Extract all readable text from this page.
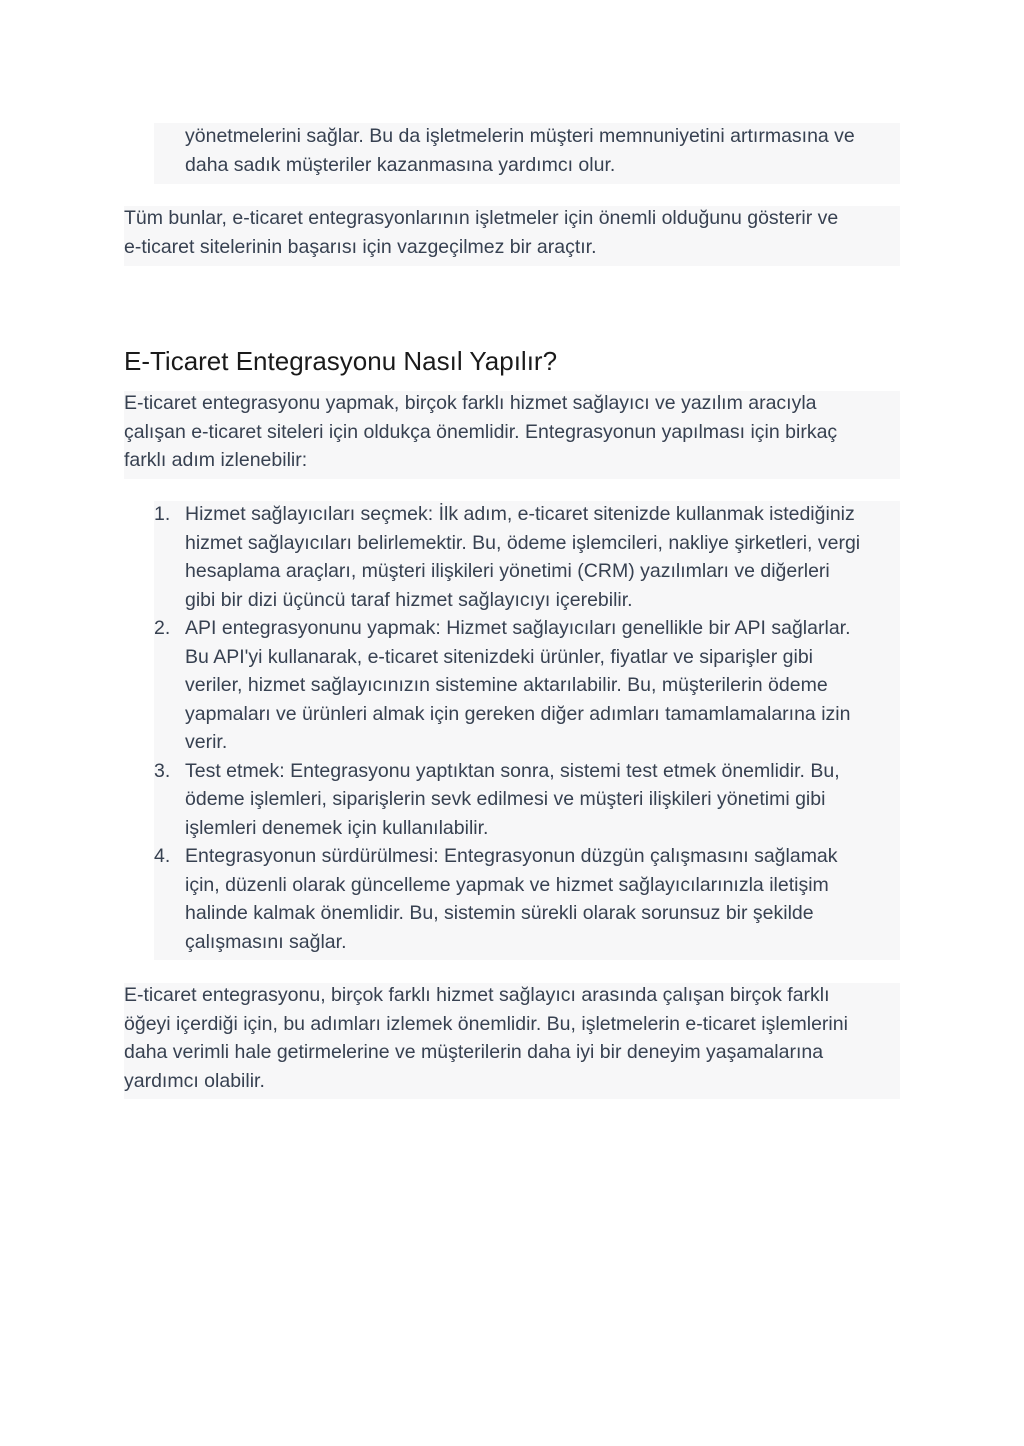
yönetmelerini sağlar. Bu da işletmelerin müşteri memnuniyetini artırmasına ve
daha sadık müşteriler kazanmasına yardımcı olur.
Tüm bunlar, e-ticaret entegrasyonlarının işletmeler için önemli olduğunu gösterir ve
e-ticaret sitelerinin başarısı için vazgeçilmez bir araçtır.
E-Ticaret Entegrasyonu Nasıl Yapılır?
E-ticaret entegrasyonu yapmak, birçok farklı hizmet sağlayıcı ve yazılım aracıyla
çalışan e-ticaret siteleri için oldukça önemlidir. Entegrasyonun yapılması için birkaç
farklı adım izlenebilir:
1. Hizmet sağlayıcıları seçmek: İlk adım, e-ticaret sitenizde kullanmak istediğiniz
hizmet sağlayıcıları belirlemektir. Bu, ödeme işlemcileri, nakliye şirketleri, vergi
hesaplama araçları, müşteri ilişkileri yönetimi (CRM) yazılımları ve diğerleri
gibi bir dizi üçüncü taraf hizmet sağlayıcıyı içerebilir.
2. API entegrasyonunu yapmak: Hizmet sağlayıcıları genellikle bir API sağlarlar.
Bu API'yi kullanarak, e-ticaret sitenizdeki ürünler, fiyatlar ve siparişler gibi
veriler, hizmet sağlayıcınızın sistemine aktarılabilir. Bu, müşterilerin ödeme
yapmaları ve ürünleri almak için gereken diğer adımları tamamlamalarına izin
verir.
3. Test etmek: Entegrasyonu yaptıktan sonra, sistemi test etmek önemlidir. Bu,
ödeme işlemleri, siparişlerin sevk edilmesi ve müşteri ilişkileri yönetimi gibi
işlemleri denemek için kullanılabilir.
4. Entegrasyonun sürdürülmesi: Entegrasyonun düzgün çalışmasını sağlamak
için, düzenli olarak güncelleme yapmak ve hizmet sağlayıcılarınızla iletişim
halinde kalmak önemlidir. Bu, sistemin sürekli olarak sorunsuz bir şekilde
çalışmasını sağlar.
E-ticaret entegrasyonu, birçok farklı hizmet sağlayıcı arasında çalışan birçok farklı
öğeyi içerdiği için, bu adımları izlemek önemlidir. Bu, işletmelerin e-ticaret işlemlerini
daha verimli hale getirmelerine ve müşterilerin daha iyi bir deneyim yaşamalarına
yardımcı olabilir.
